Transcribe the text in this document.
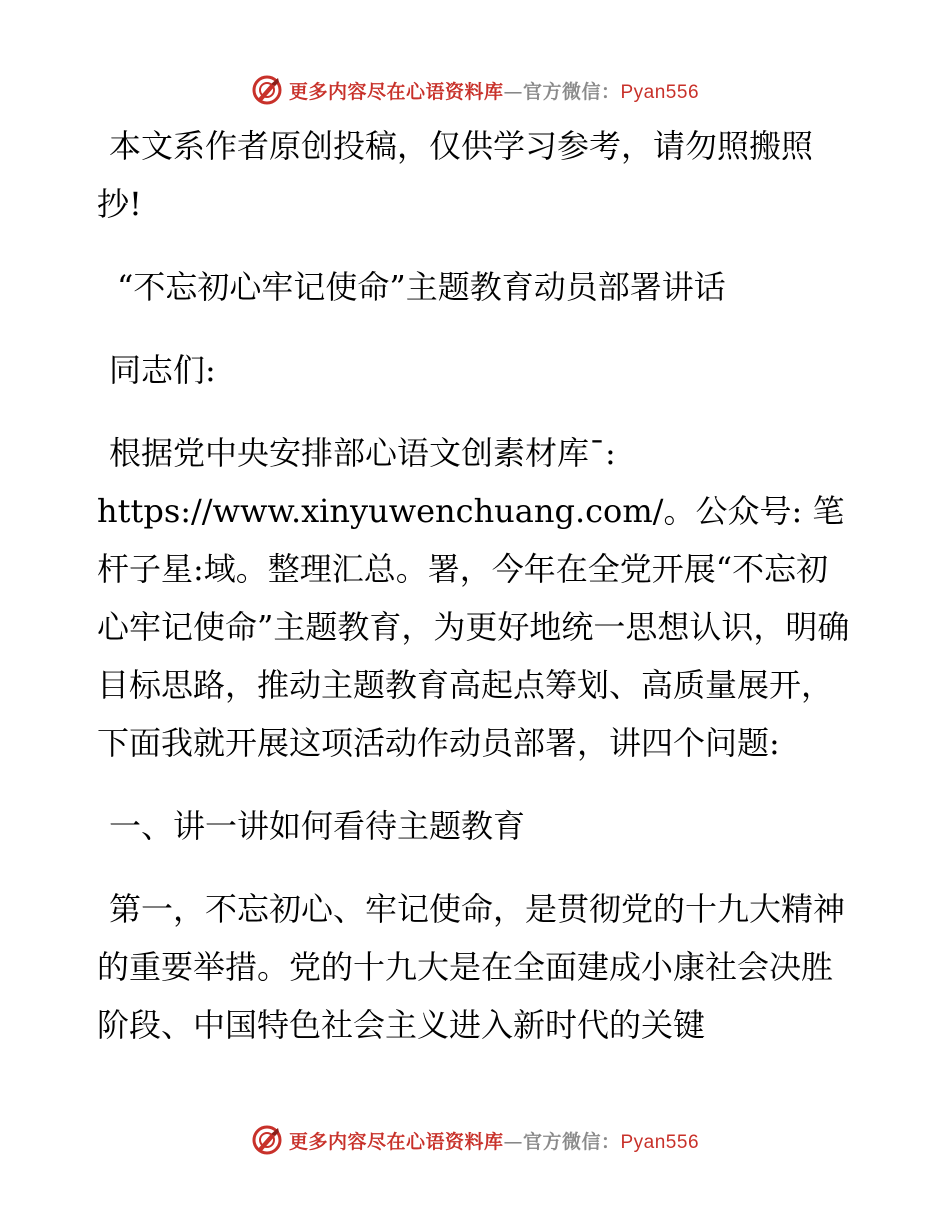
更多内容尽在心语资料库—官方微信：Pyan556

本文系作者原创投稿，仅供学习参考，请勿照搬照抄!

“不忘初心牢记使命”主题教育动员部署讲话

同志们:

根据党中央安排部心语文创素材库¯: https://www.xinyuwenchuang.com/。公众号: 笔杆子星:域。整理汇总。署，今年在全党开展“不忘初心牢记使命”主题教育，为更好地统一思想认识，明确目标思路，推动主题教育高起点筹划、高质量展开，下面我就开展这项活动作动员部署，讲四个问题:

一、讲一讲如何看待主题教育

第一，不忘初心、牢记使命，是贯彻党的十九大精神的重要举措。党的十九大是在全面建成小康社会决胜阶段、中国特色社会主义进入新时代的关键

更多内容尽在心语资料库—官方微信：Pyan556
